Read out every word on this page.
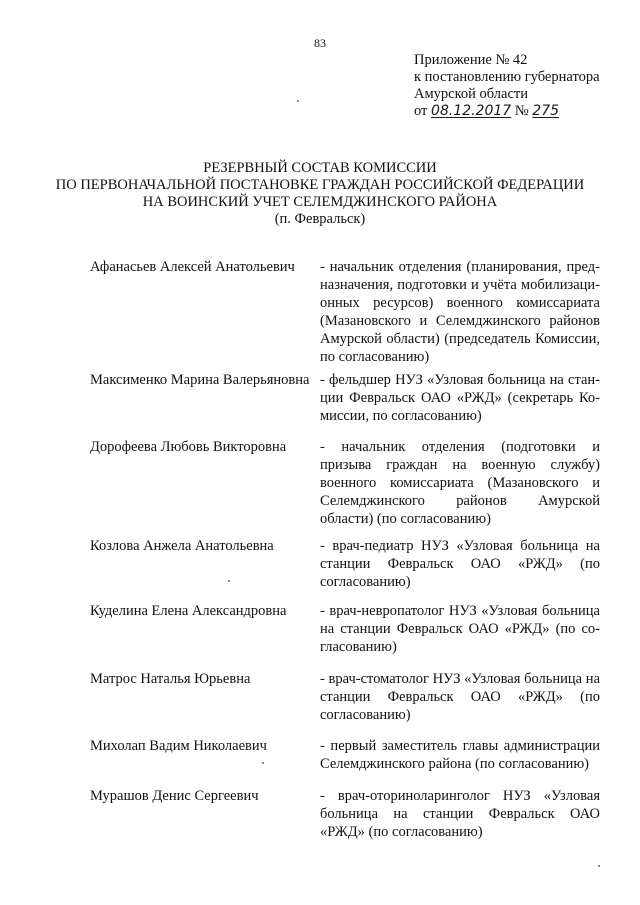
83
Приложение № 42
к постановлению губернатора
Амурской области
от 08.12.2017 № 275
РЕЗЕРВНЫЙ СОСТАВ КОМИССИИ
ПО ПЕРВОНАЧАЛЬНОЙ ПОСТАНОВКЕ ГРАЖДАН РОССИЙСКОЙ ФЕДЕРАЦИИ
НА ВОИНСКИЙ УЧЕТ СЕЛЕМДЖИНСКОГО РАЙОНА
(п. Февральск)
Афанасьев Алексей Анатольевич	- начальник отделения (планирования, предназначения, подготовки и учёта мобилизационных ресурсов) военного комиссариата (Мазановского и Селемджинского районов Амурской области) (председатель Комиссии, по согласованию)
Максименко Марина Валерьяновна - фельдшер НУЗ «Узловая больница на станции Февральск ОАО «РЖД» (секретарь Комиссии, по согласованию)
Дорофеева Любовь Викторовна	- начальник отделения (подготовки и призыва граждан на военную службу) военного комиссариата (Мазановского и Селемджинского районов Амурской области) (по согласованию)
Козлова Анжела Анатольевна	- врач-педиатр НУЗ «Узловая больница на станции Февральск ОАО «РЖД» (по согласованию)
Куделина Елена Александровна	- врач-невропатолог НУЗ «Узловая больница на станции Февральск ОАО «РЖД» (по согласованию)
Матрос Наталья Юрьевна	- врач-стоматолог НУЗ «Узловая больница на станции Февральск ОАО «РЖД» (по согласованию)
Михолап Вадим Николаевич	- первый заместитель главы администрации Селемджинского района (по согласованию)
Мурашов Денис Сергеевич	- врач-оториноларинголог НУЗ «Узловая больница на станции Февральск ОАО «РЖД» (по согласованию)
